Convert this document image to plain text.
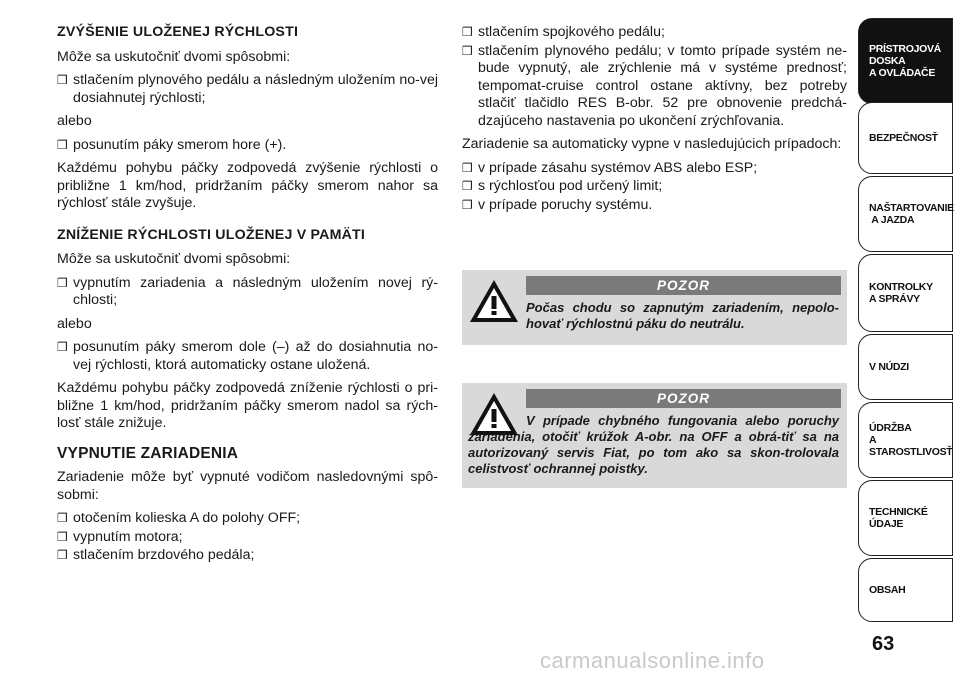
ZVÝŠENIE ULOŽENEJ RÝCHLOSTI

Môže sa uskutočniť dvomi spôsobmi:

❒ stlačením plynového pedálu a následným uložením no-vej dosiahnutej rýchlosti;

alebo

❒ posunutím páky smerom hore (+).

Každému pohybu páčky zodpovedá zvýšenie rýchlosti o približne 1 km/hod, pridržaním páčky smerom nahor sa rýchlosť stále zvyšuje.

ZNÍŽENIE RÝCHLOSTI ULOŽENEJ V PAMÄTI

Môže sa uskutočniť dvomi spôsobmi:

❒ vypnutím zariadenia a následným uložením novej rý-chlosti;

alebo

❒ posunutím páky smerom dole (–) až do dosiahnutia no-vej rýchlosti, ktorá automaticky ostane uložená.

Každému pohybu páčky zodpovedá zníženie rýchlosti o pri-bližne 1 km/hod, pridržaním páčky smerom nadol sa rých-losť stále znižuje.

VYPNUTIE ZARIADENIA

Zariadenie môže byť vypnuté vodičom nasledovnými spô-sobmi:

❒ otočením kolieska A do polohy OFF;
❒ vypnutím motora;
❒ stlačením brzdového pedála;
❒ stlačením spojkového pedálu;
❒ stlačením plynového pedálu; v tomto prípade systém ne-bude vypnutý, ale zrýchlenie má v systéme prednosť; tempomat-cruise control ostane aktívny, bez potreby stlačiť tlačidlo RES B-obr. 52 pre obnovenie predchá-dzajúceho nastavenia po ukončení zrýchľovania.

Zariadenie sa automaticky vypne v nasledujúcich prípadoch:

❒ v prípade zásahu systémov ABS alebo ESP;
❒ s rýchlosťou pod určený limit;
❒ v prípade poruchy systému.
POZOR
Počas chodu so zapnutým zariadením, nepolo-hovať rýchlostnú páku do neutrálu.
POZOR
V prípade chybného fungovania alebo poruchy zariadenia, otočiť krúžok A-obr. na OFF a obrá-tiť sa na autorizovaný servis Fiat, po tom ako sa skon-trolovala celistvosť ochrannej poistky.
PRÍSTROJOVÁ
DOSKA
A OVLÁDAČE
BEZPEČNOSŤ
NAŠTARTOVANIE
A JAZDA
KONTROLKY
A SPRÁVY
V NÚDZI
ÚDRŽBA
A STAROSTLIVOSŤ
TECHNICKÉ ÚDAJE
OBSAH
63
carmanualsonline.info
